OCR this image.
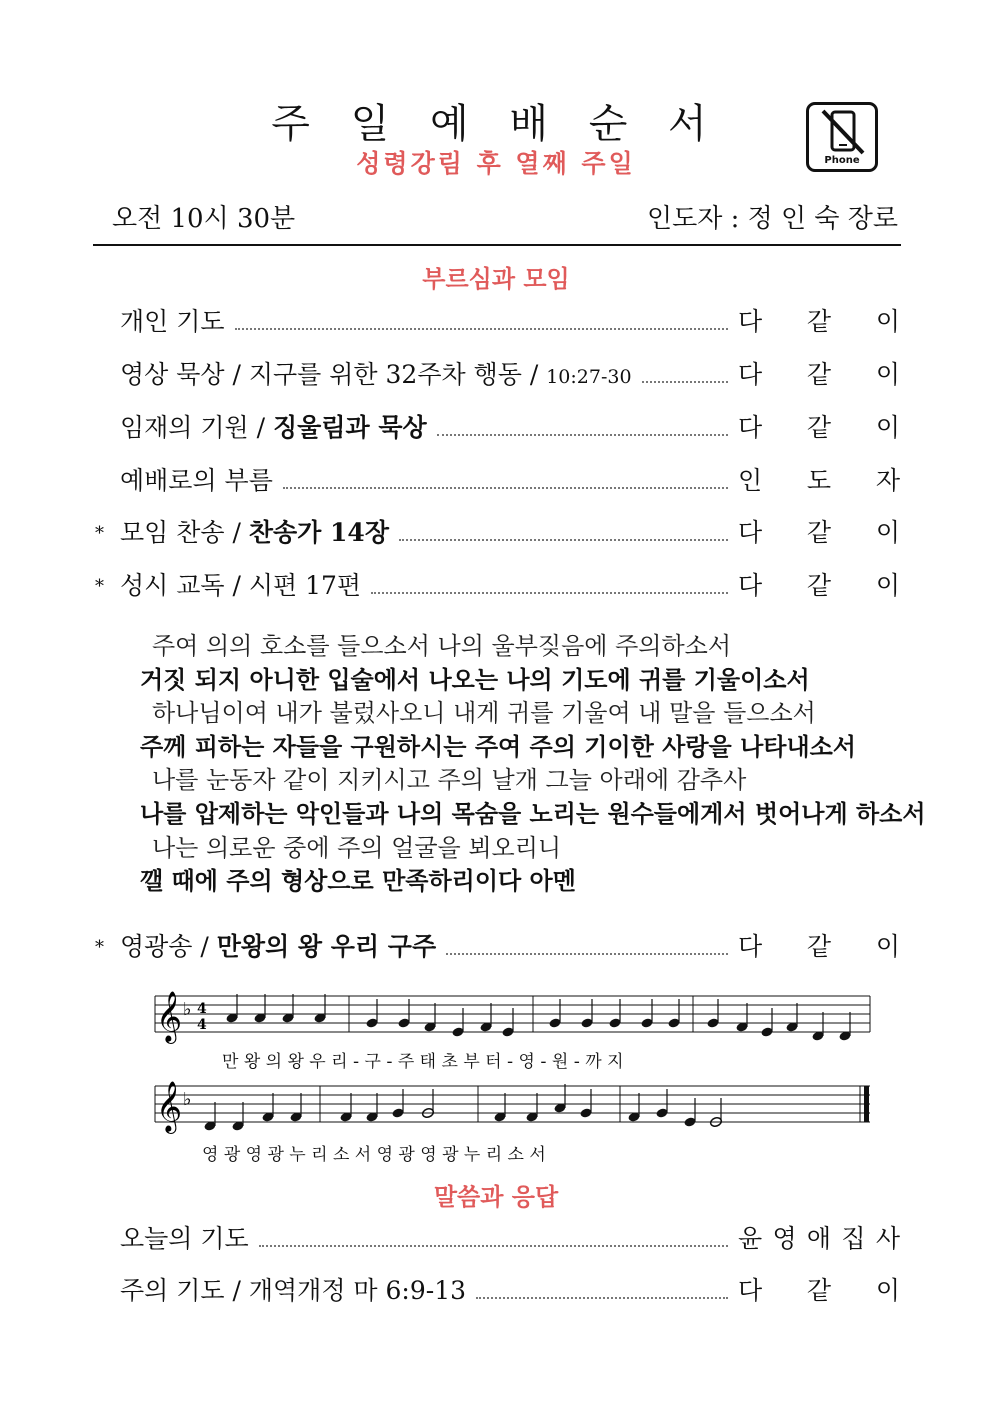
주 일 예 배 순 서
성령강림 후 열째 주일	Phone
오전 10시 30분	인도자 : 정 인 숙 장로
부르심과 모임
개인 기도	다 같 이
영상 묵상 / 지구를 위한 32주차 행동 / 10:27-30	다 같 이
임재의 기원 / 징울림과 묵상	다 같 이
예배로의 부름	인 도 자
* 모임 찬송 / 찬송가 14장	다 같 이
* 성시 교독 / 시편 17편	다 같 이
주여 의의 호소를 들으소서 나의 울부짖음에 주의하소서
거짓 되지 아니한 입술에서 나오는 나의 기도에 귀를 기울이소서
하나님이여 내가 불렀사오니 내게 귀를 기울여 내 말을 들으소서
주께 피하는 자들을 구원하시는 주여 주의 기이한 사랑을 나타내소서
나를 눈동자 같이 지키시고 주의 날개 그늘 아래에 감추사
나를 압제하는 악인들과 나의 목숨을 노리는 원수들에게서 벗어나게 하소서
나는 의로운 중에 주의 얼굴을 뵈오리니
깰 때에 주의 형상으로 만족하리이다 아멘
* 영광송 / 만왕의 왕 우리 구주	다 같 이
𝄞 ♭ 4
4
만 왕 의 왕 우 리 - 구 - 주 태 초 부 터 - 영 - 원 - 까 지
𝄞 ♭
영 광 영 광 누 리 소 서 영 광 영 광 누 리 소 서
말씀과 응답
오늘의 기도	윤 영 애 집 사
주의 기도 / 개역개정 마 6:9-13	다 같 이
